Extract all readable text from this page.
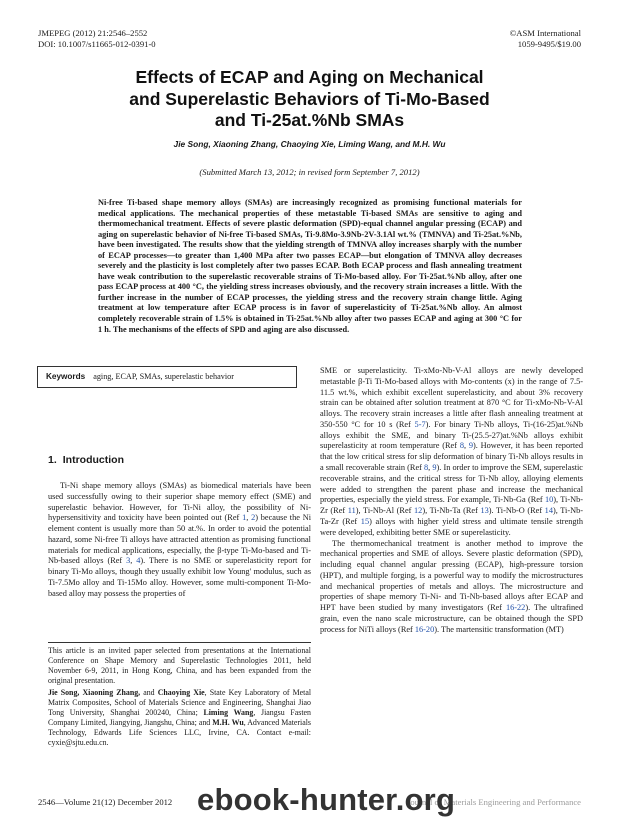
JMEPEG (2012) 21:2546–2552
DOI: 10.1007/s11665-012-0391-0
©ASM International
1059-9495/$19.00
Effects of ECAP and Aging on Mechanical
and Superelastic Behaviors of Ti-Mo-Based
and Ti-25at.%Nb SMAs
Jie Song, Xiaoning Zhang, Chaoying Xie, Liming Wang, and M.H. Wu
(Submitted March 13, 2012; in revised form September 7, 2012)
Ni-free Ti-based shape memory alloys (SMAs) are increasingly recognized as promising functional materials for medical applications. The mechanical properties of these metastable Ti-based SMAs are sensitive to aging and thermomechanical treatment. Effects of severe plastic deformation (SPD)-equal channel angular pressing (ECAP) and aging on superelastic behavior of Ni-free Ti-based SMAs, Ti-9.8Mo-3.9Nb-2V-3.1Al wt.% (TMNVA) and Ti-25at.%Nb, have been investigated. The results show that the yielding strength of TMNVA alloy increases sharply with the number of ECAP processes—to greater than 1,400 MPa after two passes ECAP—but elongation of TMNVA alloy decreases severely and the plasticity is lost completely after two passes ECAP. Both ECAP process and flash annealing treatment have weak contribution to the superelastic recoverable strains of Ti-Mo-based alloy. For Ti-25at.%Nb alloy, after one pass ECAP process at 400 °C, the yielding stress increases obviously, and the recovery strain increases a little. With the further increase in the number of ECAP processes, the yielding stress and the recovery strain change little. Aging treatment at low temperature after ECAP process is in favor of superelasticity of Ti-25at.%Nb alloy. An almost completely recoverable strain of 1.5% is obtained in Ti-25at.%Nb alloy after two passes ECAP and aging at 300 °C for 1 h. The mechanisms of the effects of SPD and aging are also discussed.
Keywords aging, ECAP, SMAs, superelastic behavior
1. Introduction

Ti-Ni shape memory alloys (SMAs) as biomedical materials have been used successfully owing to their superior shape memory effect (SME) and superelastic behavior. However, for Ti-Ni alloy, the possibility of Ni-hypersensitivity and toxicity have been pointed out (Ref 1, 2) because the Ni element content is usually more than 50 at.%. In order to avoid the potential hazard, some Ni-free Ti alloys have attracted attention as promising functional materials for medical applications, especially, the β-type Ti-Mo-based and Ti-Nb-based alloys (Ref 3, 4). There is no SME or superelasticity report for binary Ti-Mo alloys, though they usually exhibit low Young' modulus, such as Ti-7.5Mo alloy and Ti-15Mo alloy. However, some multi-component Ti-Mo-based alloy may possess the properties of

This article is an invited paper selected from presentations at the International Conference on Shape Memory and Superelastic Technologies 2011, held November 6-9, 2011, in Hong Kong, China, and has been expanded from the original presentation.
Jie Song, Xiaoning Zhang, and Chaoying Xie, State Key Laboratory of Metal Matrix Composites, School of Materials Science and Engineering, Shanghai Jiao Tong University, Shanghai 200240, China; Liming Wang, Jiangsu Fasten Company Limited, Jiangying, Jiangshu, China; and M.H. Wu, Advanced Materials Technology, Edwards Life Sciences LLC, Irvine, CA. Contact e-mail: cyxie@sjtu.edu.cn.

SME or superelasticity. Ti-xMo-Nb-V-Al alloys are newly developed metastable β-Ti Ti-Mo-based alloys with Mo-contents (x) in the range of 7.5-11.5 wt.%, which exhibit excellent superelasticity, and about 3% recovery strain can be obtained after solution treatment at 870 °C for Ti-xMo-Nb-V-Al alloys. The recovery strain increases a little after flash annealing treatment at 350-550 °C for 10 s (Ref 5-7). For binary Ti-Nb alloys, Ti-(16-25)at.%Nb alloys exhibit the SME, and binary Ti-(25.5-27)at.%Nb alloys exhibit superelasticity at room temperature (Ref 8, 9). However, it has been reported that the low critical stress for slip deformation of binary Ti-Nb alloys results in a small recoverable strain (Ref 8, 9). In order to improve the SEM, superelastic recoverable strains, and the critical stress for Ti-Nb alloy, alloying elements were added to strengthen the parent phase and increase the mechanical properties, especially the yield stress. For example, Ti-Nb-Ga (Ref 10), Ti-Nb-Zr (Ref 11), Ti-Nb-Al (Ref 12), Ti-Nb-Ta (Ref 13). Ti-Nb-O (Ref 14), Ti-Nb-Ta-Zr (Ref 15) alloys with higher yield stress and ultimate tensile strength were developed, exhibiting better SME or superelasticity.

The thermomechanical treatment is another method to improve the mechanical properties and SME of alloys. Severe plastic deformation (SPD), including equal channel angular pressing (ECAP), high-pressure torsion (HPT), and multiple forging, is a powerful way to modify the microstructures and mechanical properties of metals and alloys. The microstructure and properties of shape memory Ti-Ni- and Ti-Nb-based alloys after ECAP and HPT have been studied by many investigators (Ref 16-22). The ultrafined grain, even the nano scale microstructure, can be obtained though the SPD process for NiTi alloys (Ref 16-20). The martensitic transformation (MT)

2546—Volume 21(12) December 2012 ebook-hunter.org
